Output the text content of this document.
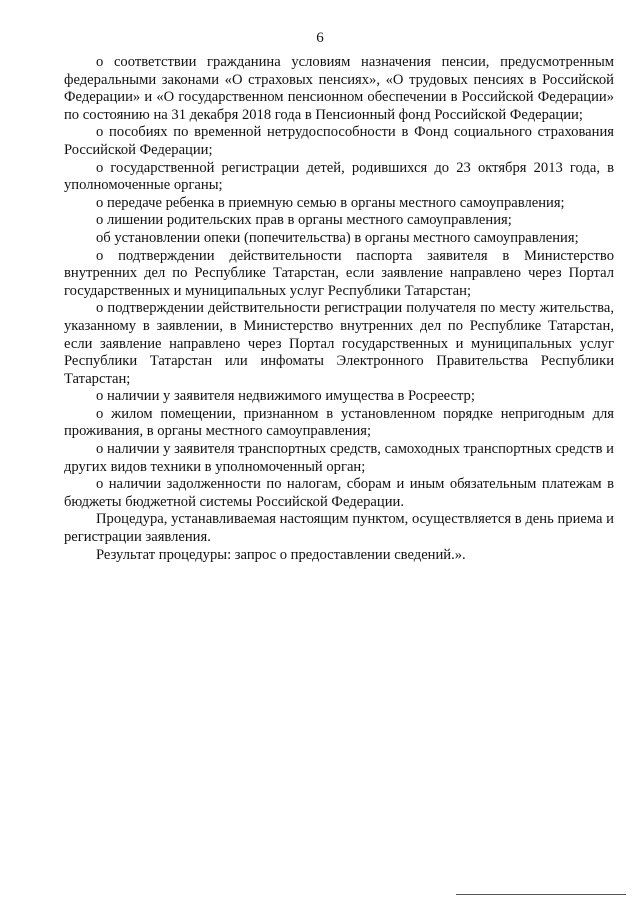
6

о соответствии гражданина условиям назначения пенсии, предусмотренным федеральными законами «О страховых пенсиях», «О трудовых пенсиях в Российской Федерации» и «О государственном пенсионном обеспечении в Российской Федерации» по состоянию на 31 декабря 2018 года в Пенсионный фонд Российской Федерации;

о пособиях по временной нетрудоспособности в Фонд социального страхования Российской Федерации;

о государственной регистрации детей, родившихся до 23 октября 2013 года, в уполномоченные органы;

о передаче ребенка в приемную семью в органы местного самоуправления;

о лишении родительских прав в органы местного самоуправления;

об установлении опеки (попечительства) в органы местного самоуправления;

о подтверждении действительности паспорта заявителя в Министерство внутренних дел по Республике Татарстан, если заявление направлено через Портал государственных и муниципальных услуг Республики Татарстан;

о подтверждении действительности регистрации получателя по месту жительства, указанному в заявлении, в Министерство внутренних дел по Республике Татарстан, если заявление направлено через Портал государственных и муниципальных услуг Республики Татарстан или инфоматы Электронного Правительства Республики Татарстан;

о наличии у заявителя недвижимого имущества в Росреестр;

о жилом помещении, признанном в установленном порядке непригодным для проживания, в органы местного самоуправления;

о наличии у заявителя транспортных средств, самоходных транспортных средств и других видов техники в уполномоченный орган;

о наличии задолженности по налогам, сборам и иным обязательным платежам в бюджеты бюджетной системы Российской Федерации.

Процедура, устанавливаемая настоящим пунктом, осуществляется в день приема и регистрации заявления.

Результат процедуры: запрос о предоставлении сведений.».
